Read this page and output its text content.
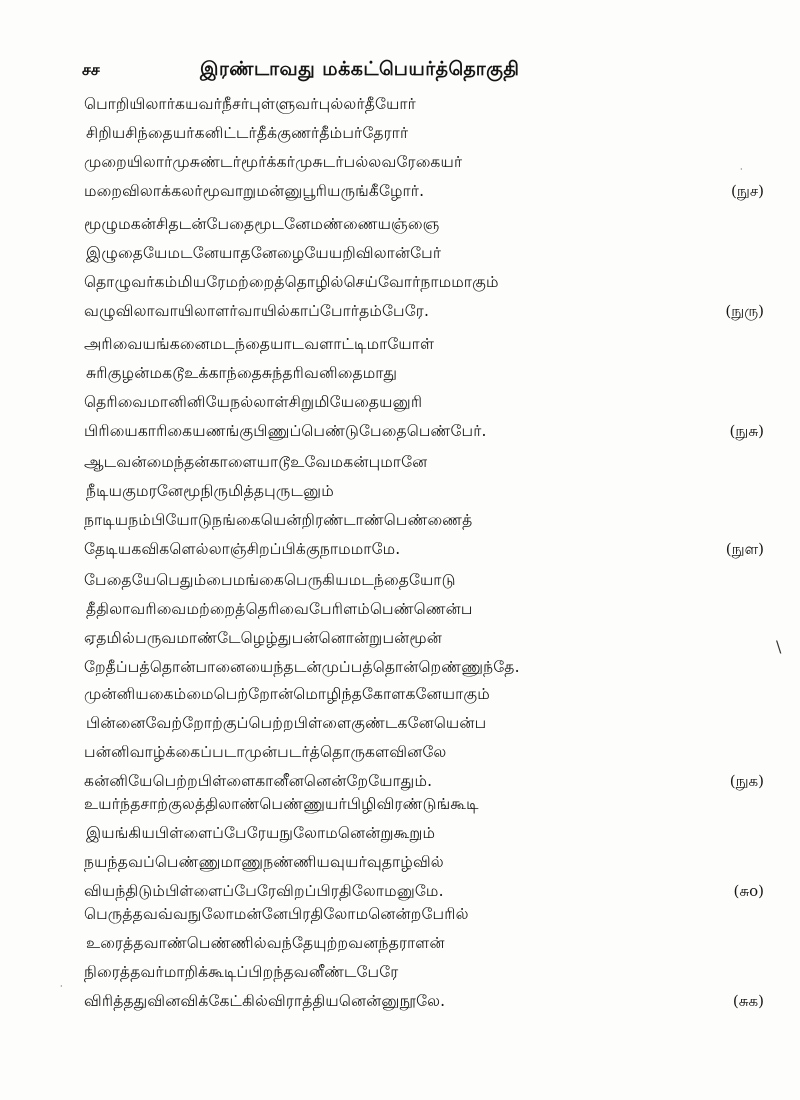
சச	இரண்டாவது மக்கட்பெயர்த்தொகுதி
பொறியிலார்கயவர்நீசர்புள்ளுவர்புல்லர்தீயோர்
சிறியசிந்தையர்கனிட்டர்தீக்குணர்தீம்பர்தேரார்
முறையிலார்முசுண்டர்மூர்க்கர்முசுடர்பல்லவரேகையர்
மறைவிலாக்கலர்மூவாறுமன்னுபூரியருங்கீழோர்.	(நுச)
மூழுமகன்சிதடன்பேதைமூடனேமண்ணையஞ்ஞை
இழுதையேமடனேயாதனேழையேயறிவிலான்பேர்
தொழுவர்கம்மியரேமற்றைத்தொழில்செய்வோர்நாமமாகும்
வழுவிலாவாயிலாளர்வாயில்காப்போர்தம்பேரே.	(நுரு)
அரிவையங்கனைமடந்தையாடவளாட்டிமாயோள்
சுரிகுழன்மகடூஉக்காந்தைசுந்தரிவனிதைமாது
தெரிவைமானினியேநல்லாள்சிறுமியேதையனுரி
பிரியைகாரிகையணங்குபிணுப்பெண்டுபேதைபெண்பேர்.	(நுசு)
ஆடவன்மைந்தன்காளையாடூஉவேமகன்புமானே
நீடியகுமரனேமூநிருமித்தபுருடனும்
நாடியநம்பியோடுநங்கையென்றிரண்டாண்பெண்ணைத்
தேடியகவிகளெல்லாஞ்சிறப்பிக்குநாமமாமே.	(நுள)
பேதையேபெதும்பைமங்கைபெருகியமடந்தையோடு
தீதிலாவரிவைமற்றைத்தெரிவைபேரிளம்பெண்ணென்ப
ஏதமில்பருவமாண்டேழெழ்துபன்னொன்றுபன்மூன்
றேதீப்பத்தொன்பானையைந்தடன்முப்பத்தொன்றெண்ணுந்தே.
முன்னியகைம்மைபெற்றோன்மொழிந்தகோளகனேயாகும்
பின்னைவேற்றோற்குப்பெற்றபிள்ளைகுண்டகனேயென்ப
பன்னிவாழ்க்கைப்படாமுன்படர்த்தொருகளவினலே
கன்னியேபெற்றபிள்ளைகானீனனென்றேயோதும்.	(நுக)
உயர்ந்தசாற்குலத்திலாண்பெண்ணுயர்பிழிவிரண்டுங்கூடி
இயங்கியபிள்ளைப்பேரேயநுலோமனென்றுகூறும்
நயந்தவப்பெண்ணுமாணுநண்ணியவுயர்வுதாழ்வில்
வியந்திடும்பிள்ளைப்பேரேவிறப்பிரதிலோமனுமே.	(சுo)
பெருத்தவவ்வநுலோமன்னேபிரதிலோமனென்றபேரில்
உரைத்தவாண்பெண்ணில்வந்தேயுற்றவனந்தராளன்
நிரைத்தவர்மாறிக்கூடிப்பிறந்தவனீண்டபேரே
விரித்ததுவினவிக்கேட்கில்விராத்தியனென்னுநூலே.	(சுக)
\
·
·
